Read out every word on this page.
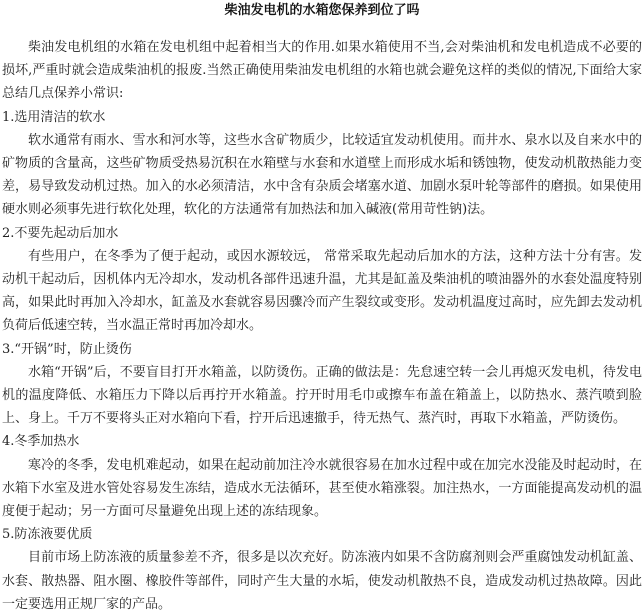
柴油发电机的水箱您保养到位了吗

柴油发电机组的水箱在发电机组中起着相当大的作用.如果水箱使用不当,会对柴油机和发电机造成不必要的损坏,严重时就会造成柴油机的报废.当然正确使用柴油发电机组的水箱也就会避免这样的类似的情况,下面给大家总结几点保养小常识:

1.选用清洁的软水

软水通常有雨水、雪水和河水等，这些水含矿物质少，比较适宜发动机使用。而井水、泉水以及自来水中的矿物质的含量高，这些矿物质受热易沉积在水箱壁与水套和水道壁上而形成水垢和锈蚀物，使发动机散热能力变差，易导致发动机过热。加入的水必须清洁，水中含有杂质会堵塞水道、加剧水泵叶轮等部件的磨损。如果使用硬水则必须事先进行软化处理，软化的方法通常有加热法和加入碱液(常用苛性钠)法。

2.不要先起动后加水

有些用户，在冬季为了便于起动，或因水源较远， 常常采取先起动后加水的方法，这种方法十分有害。发动机干起动后，因机体内无冷却水，发动机各部件迅速升温，尤其是缸盖及柴油机的喷油器外的水套处温度特别高，如果此时再加入冷却水，缸盖及水套就容易因骤冷而产生裂纹或变形。发动机温度过高时，应先卸去发动机负荷后低速空转，当水温正常时再加冷却水。

3.“开锅”时，防止烫伤

水箱“开锅”后，不要盲目打开水箱盖，以防烫伤。正确的做法是：先怠速空转一会儿再熄灭发电机，待发电机的温度降低、水箱压力下降以后再拧开水箱盖。拧开时用毛巾或擦车布盖在箱盖上，以防热水、蒸汽喷到脸上、身上。千万不要将头正对水箱向下看，拧开后迅速撤手，待无热气、蒸汽时，再取下水箱盖，严防烫伤。

4.冬季加热水

寒冷的冬季，发电机难起动，如果在起动前加注冷水就很容易在加水过程中或在加完水没能及时起动时，在水箱下水室及进水管处容易发生冻结，造成水无法循环，甚至使水箱涨裂。加注热水，一方面能提高发动机的温度便于起动；另一方面可尽量避免出现上述的冻结现象。

5.防冻液要优质

目前市场上防冻液的质量参差不齐，很多是以次充好。防冻液内如果不含防腐剂则会严重腐蚀发动机缸盖、水套、散热器、阻水圈、橡胶件等部件，同时产生大量的水垢，使发动机散热不良，造成发动机过热故障。因此一定要选用正规厂家的产品。
